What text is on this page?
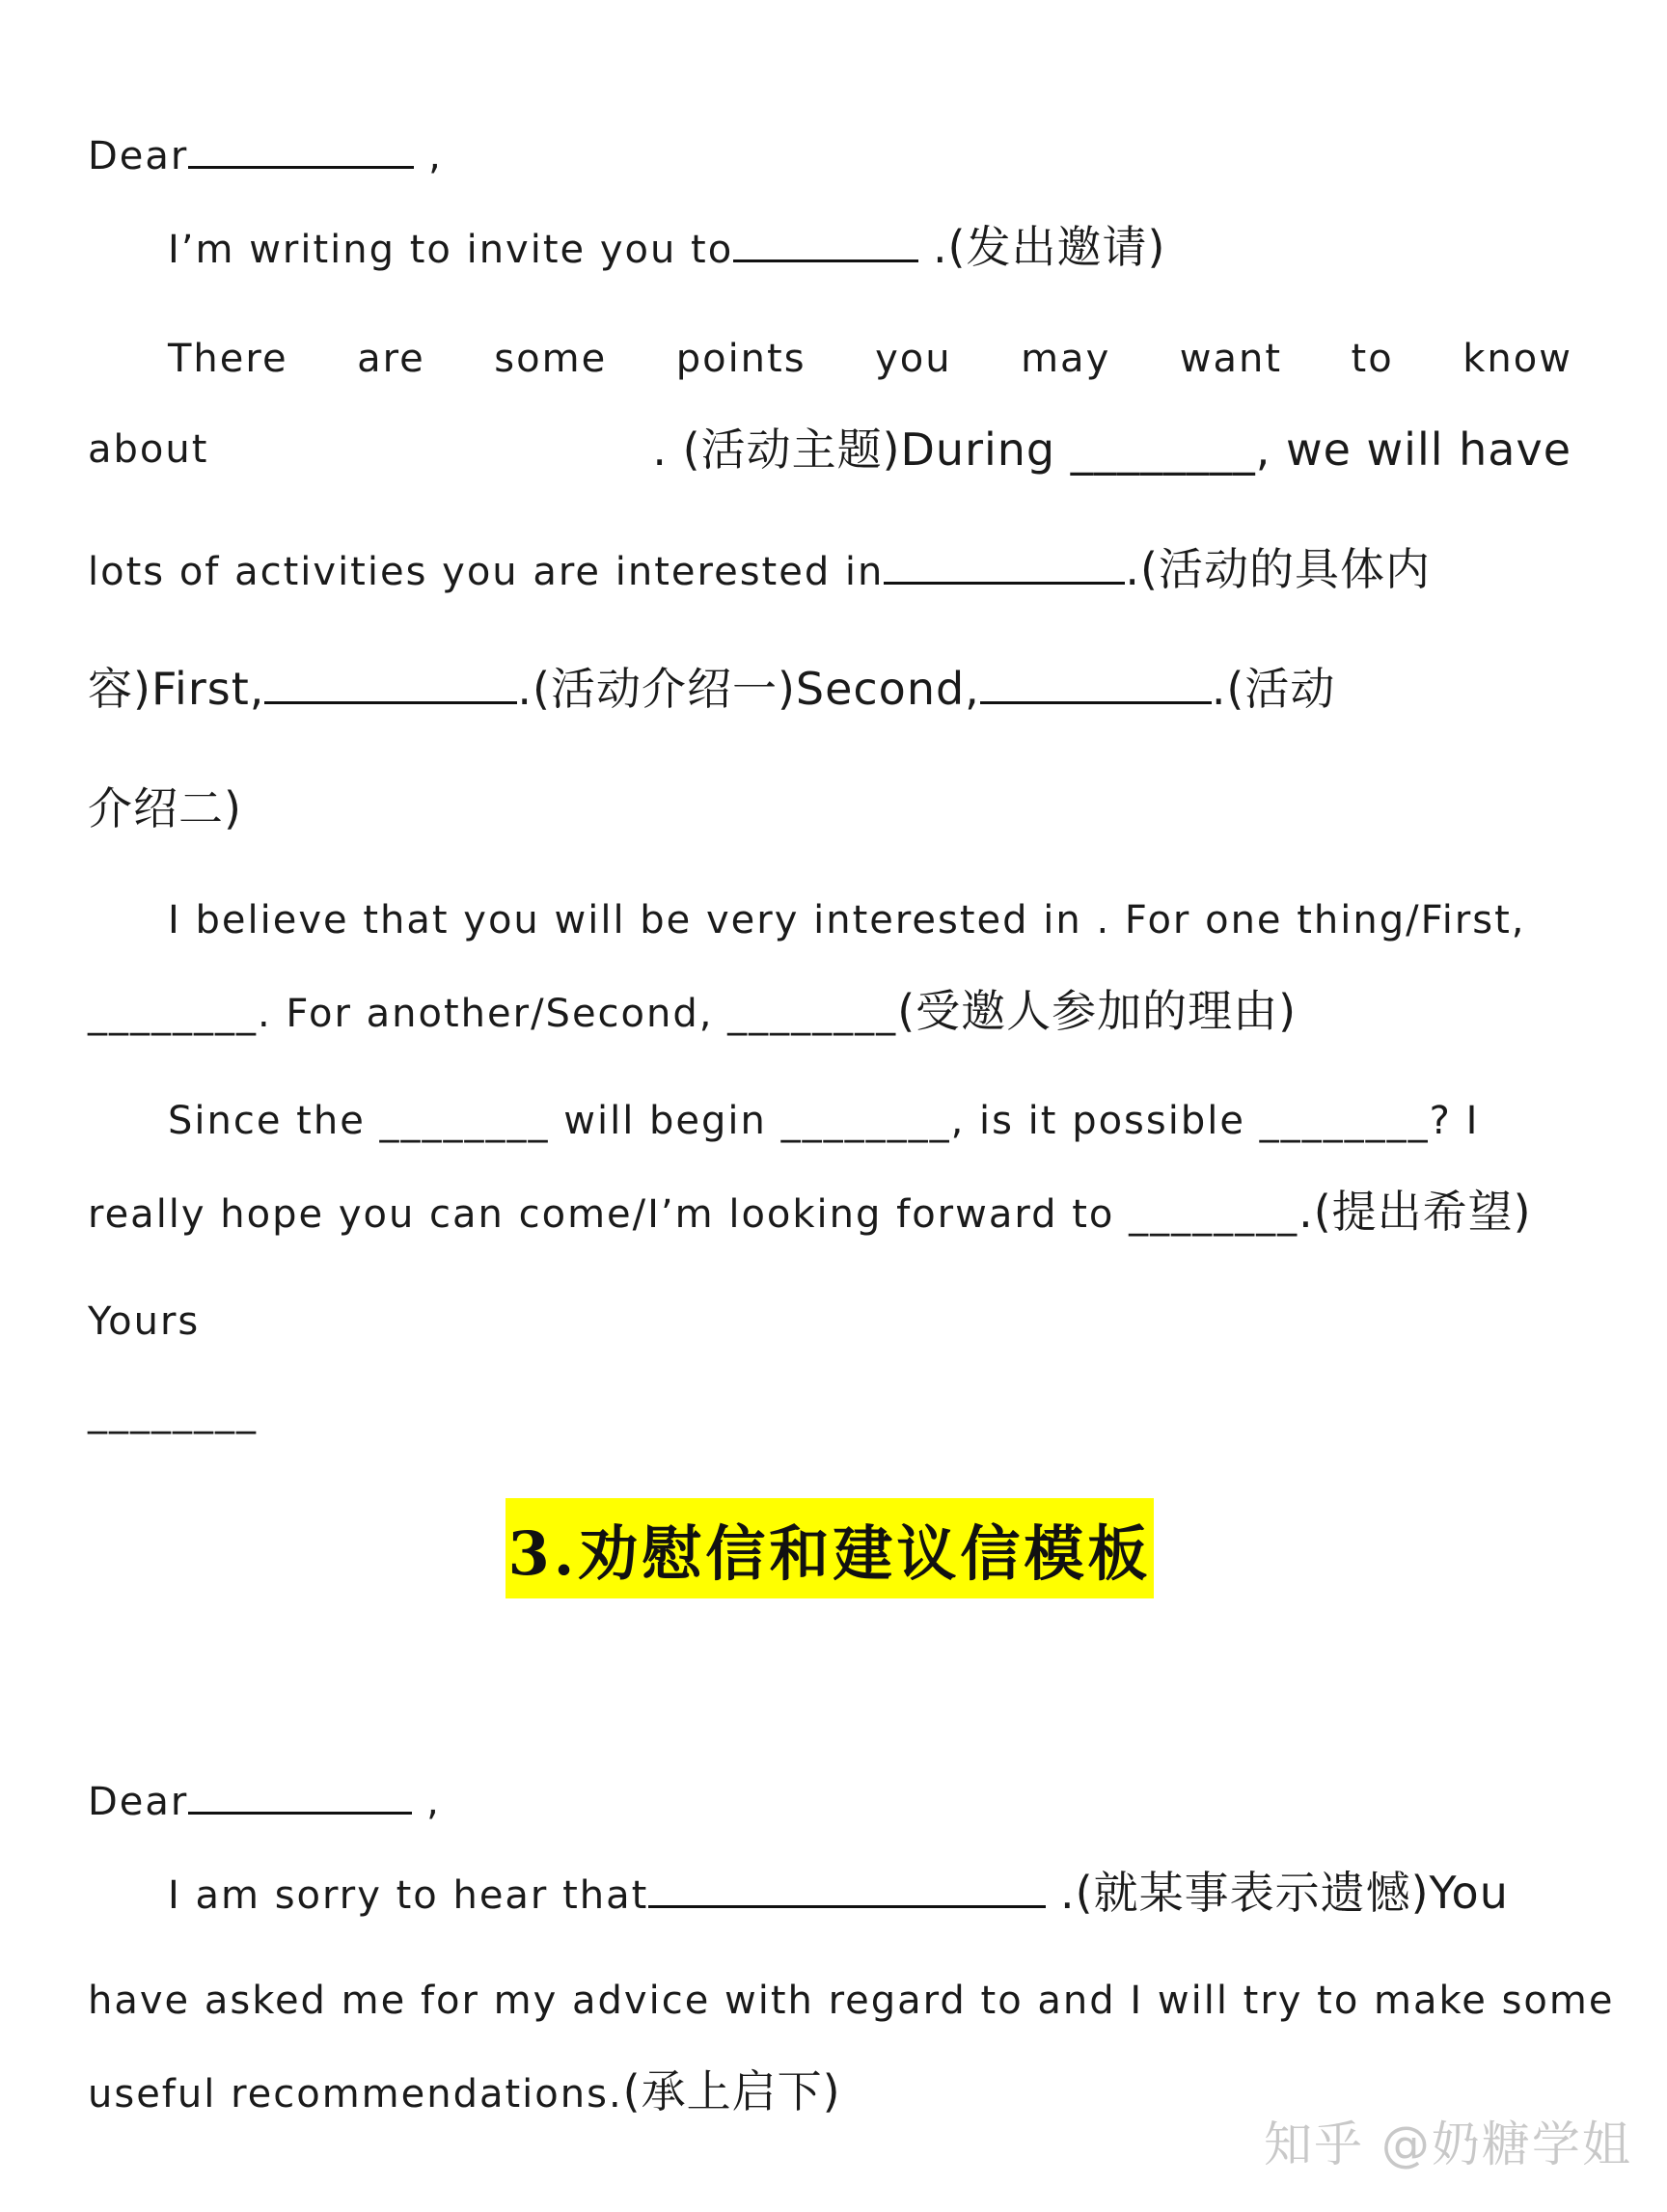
Dear	,
I’m writing to invite you to	.(发出邀请)
There are some points you may want to know
about	. (活动主题)During ________, we will have
lots of activities you are interested in	.(活动的具体内
容)First,	.(活动介绍一)Second,	.(活动
介绍二)
I believe that you will be very interested in . For one thing/First,
________. For another/Second, ________(受邀人参加的理由)
Since the ________ will begin ________, is it possible ________? I
really hope you can come/I’m looking forward to ________.(提出希望)
Yours
________
3.劝慰信和建议信模板
Dear	,
I am sorry to hear that	.(就某事表示遗憾)You
have asked me for my advice with regard to and I will try to make some
useful recommendations.(承上启下)
知乎 @奶糖学姐
